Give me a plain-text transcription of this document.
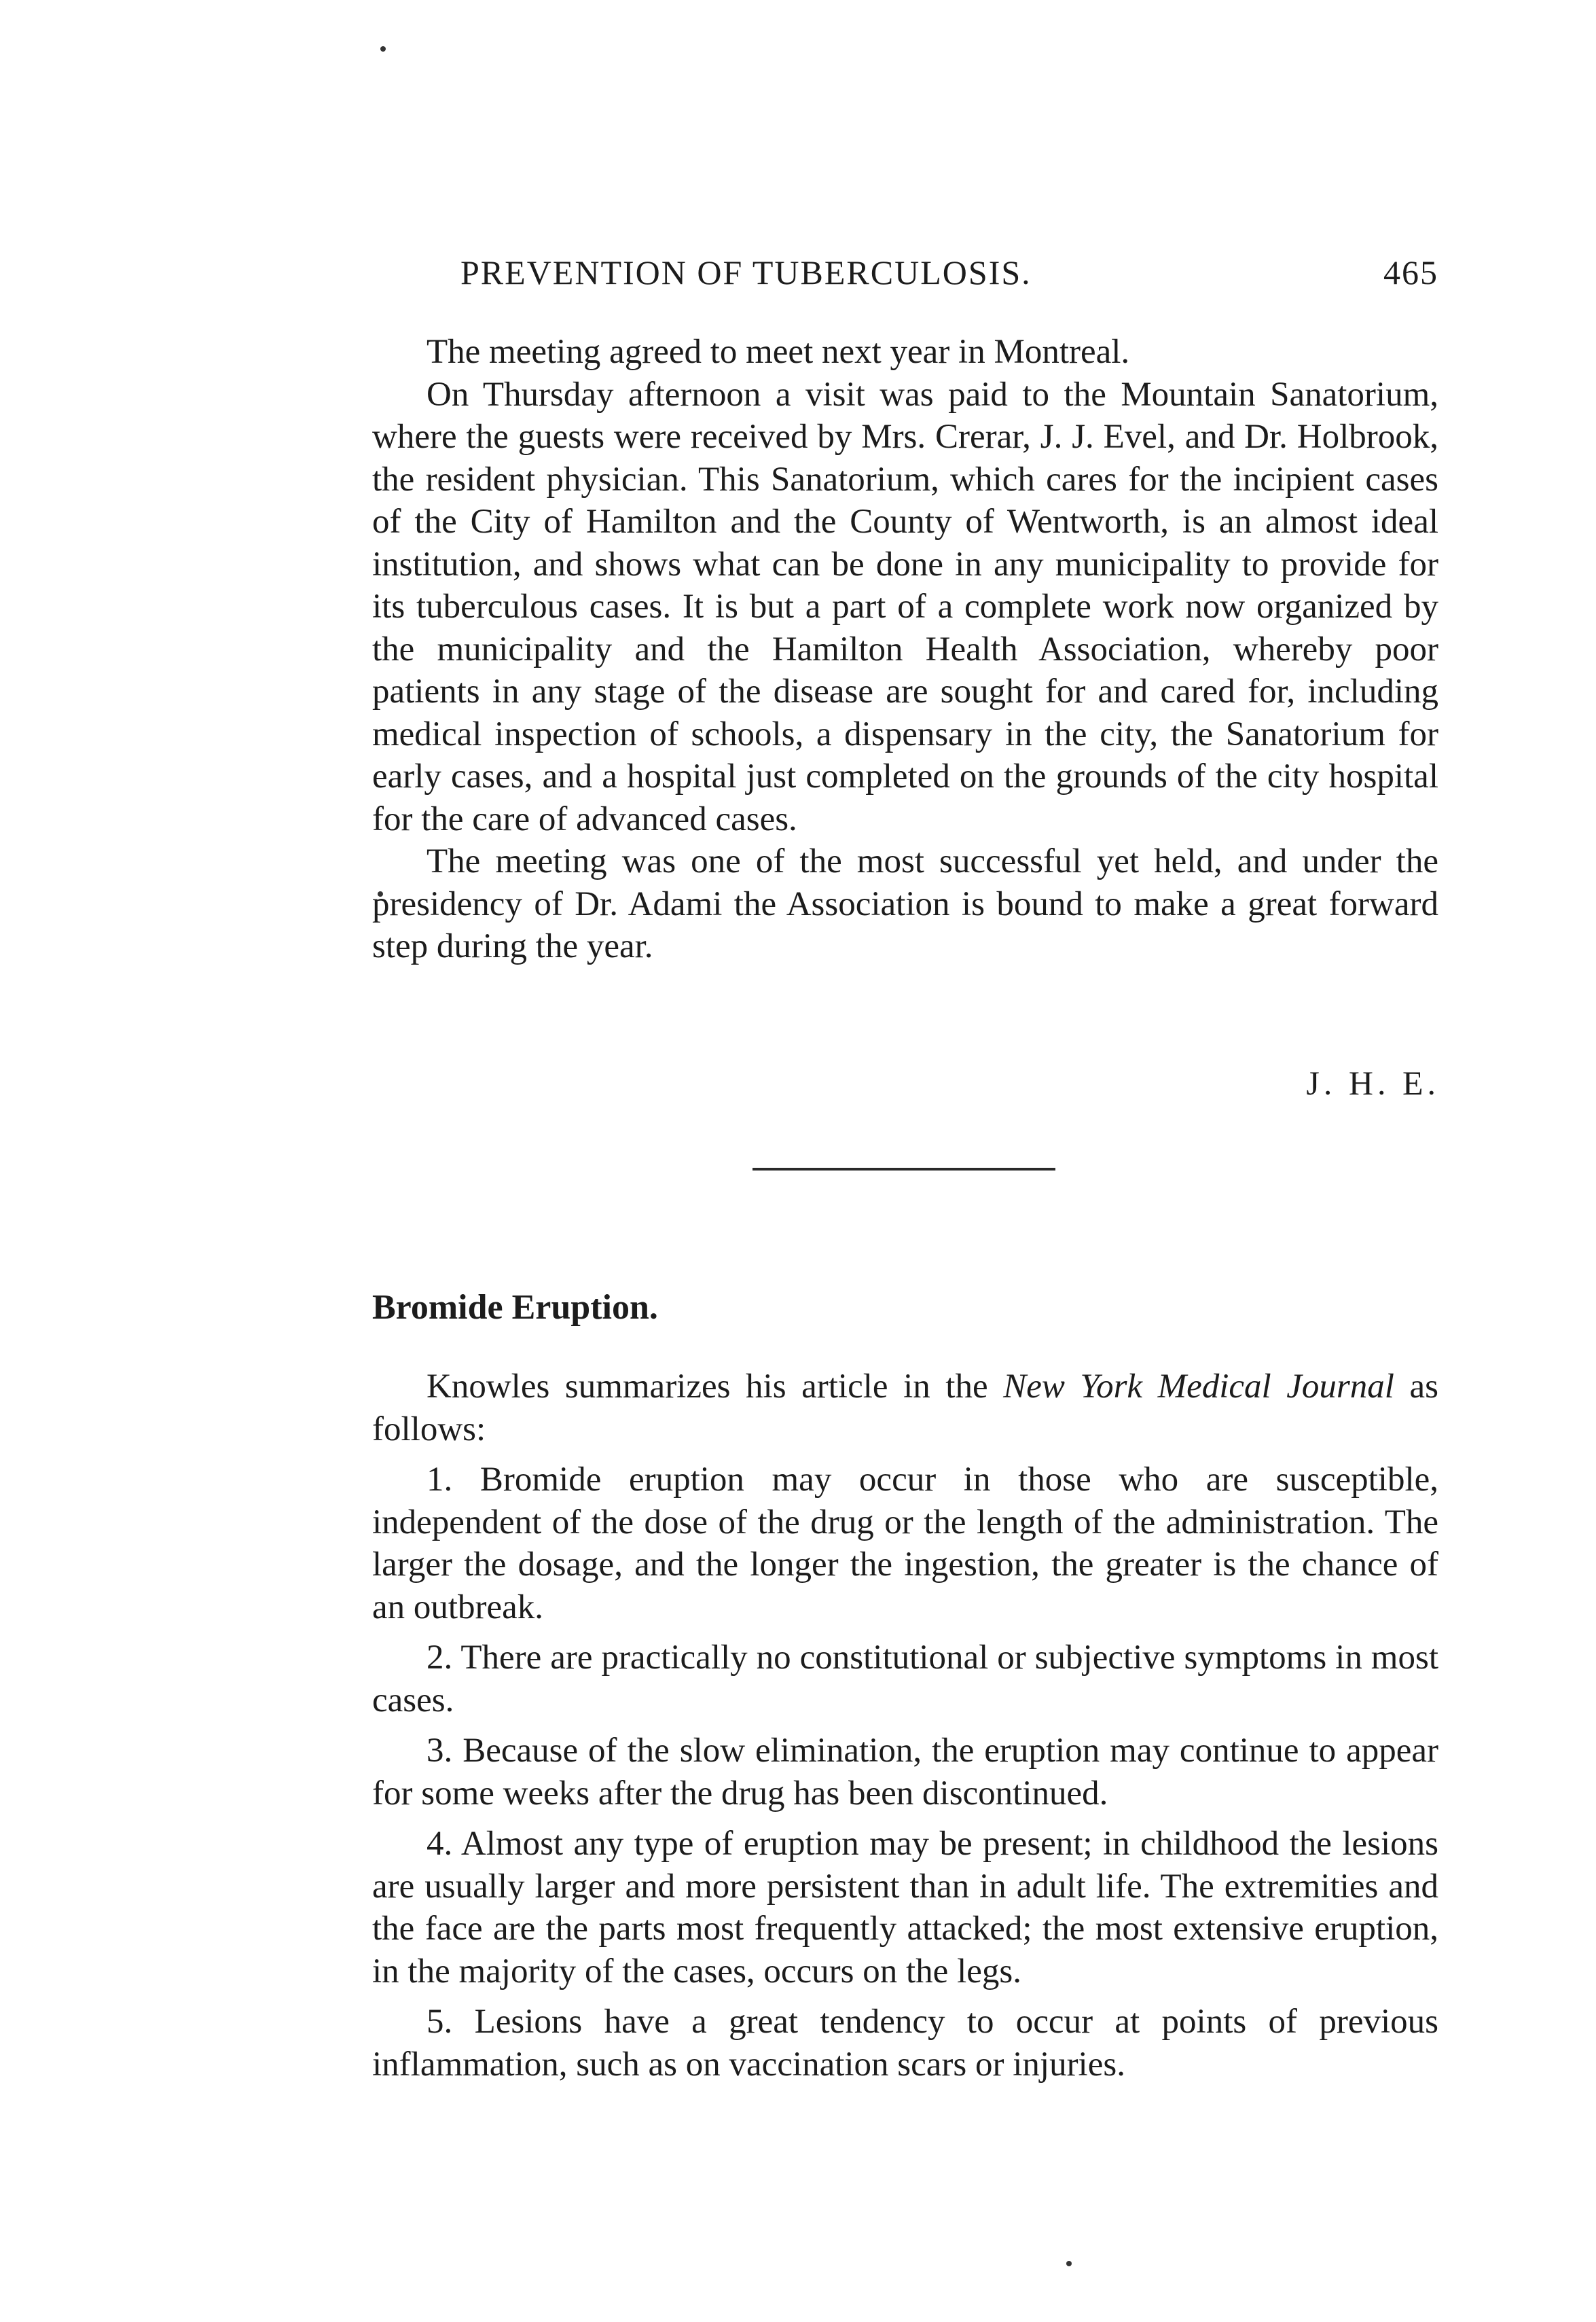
PREVENTION OF TUBERCULOSIS.	465

The meeting agreed to meet next year in Montreal.

On Thursday afternoon a visit was paid to the Mountain Sanatorium, where the guests were received by Mrs. Crerar, J. J. Evel, and Dr. Holbrook, the resident physician. This Sanatorium, which cares for the incipient cases of the City of Hamilton and the County of Wentworth, is an almost ideal institution, and shows what can be done in any municipality to provide for its tuberculous cases. It is but a part of a complete work now organized by the municipality and the Hamilton Health Association, whereby poor patients in any stage of the disease are sought for and cared for, including medical inspection of schools, a dispensary in the city, the Sanatorium for early cases, and a hospital just completed on the grounds of the city hospital for the care of advanced cases.

The meeting was one of the most successful yet held, and under the presidency of Dr. Adami the Association is bound to make a great forward step during the year.

J. H. E.
Bromide Eruption.

Knowles summarizes his article in the New York Medical Journal as follows:

1. Bromide eruption may occur in those who are susceptible, independent of the dose of the drug or the length of the administration. The larger the dosage, and the longer the ingestion, the greater is the chance of an outbreak.

2. There are practically no constitutional or subjective symptoms in most cases.

3. Because of the slow elimination, the eruption may continue to appear for some weeks after the drug has been discontinued.

4. Almost any type of eruption may be present; in childhood the lesions are usually larger and more persistent than in adult life. The extremities and the face are the parts most frequently attacked; the most extensive eruption, in the majority of the cases, occurs on the legs.

5. Lesions have a great tendency to occur at points of previous inflammation, such as on vaccination scars or injuries.
